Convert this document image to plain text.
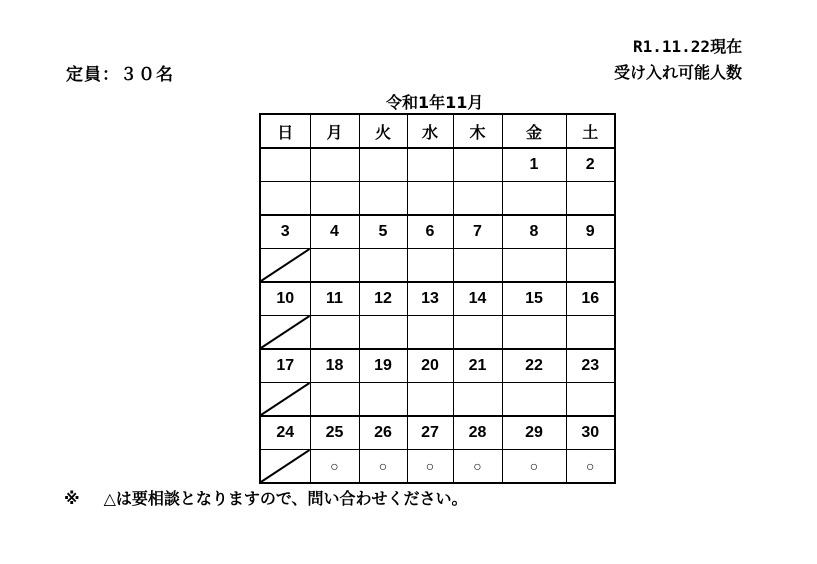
定員：３０名
R1.11.22現在
受け入れ可能人数
令和1年11月
日	月	火	水	木	金	土
					1	2

3	4	5	6	7	8	9

10	11	12	13	14	15	16

17	18	19	20	21	22	23

24	25	26	27	28	29	30

	○	○	○	○	○	○
※ △は要相談となりますので、問い合わせください。
